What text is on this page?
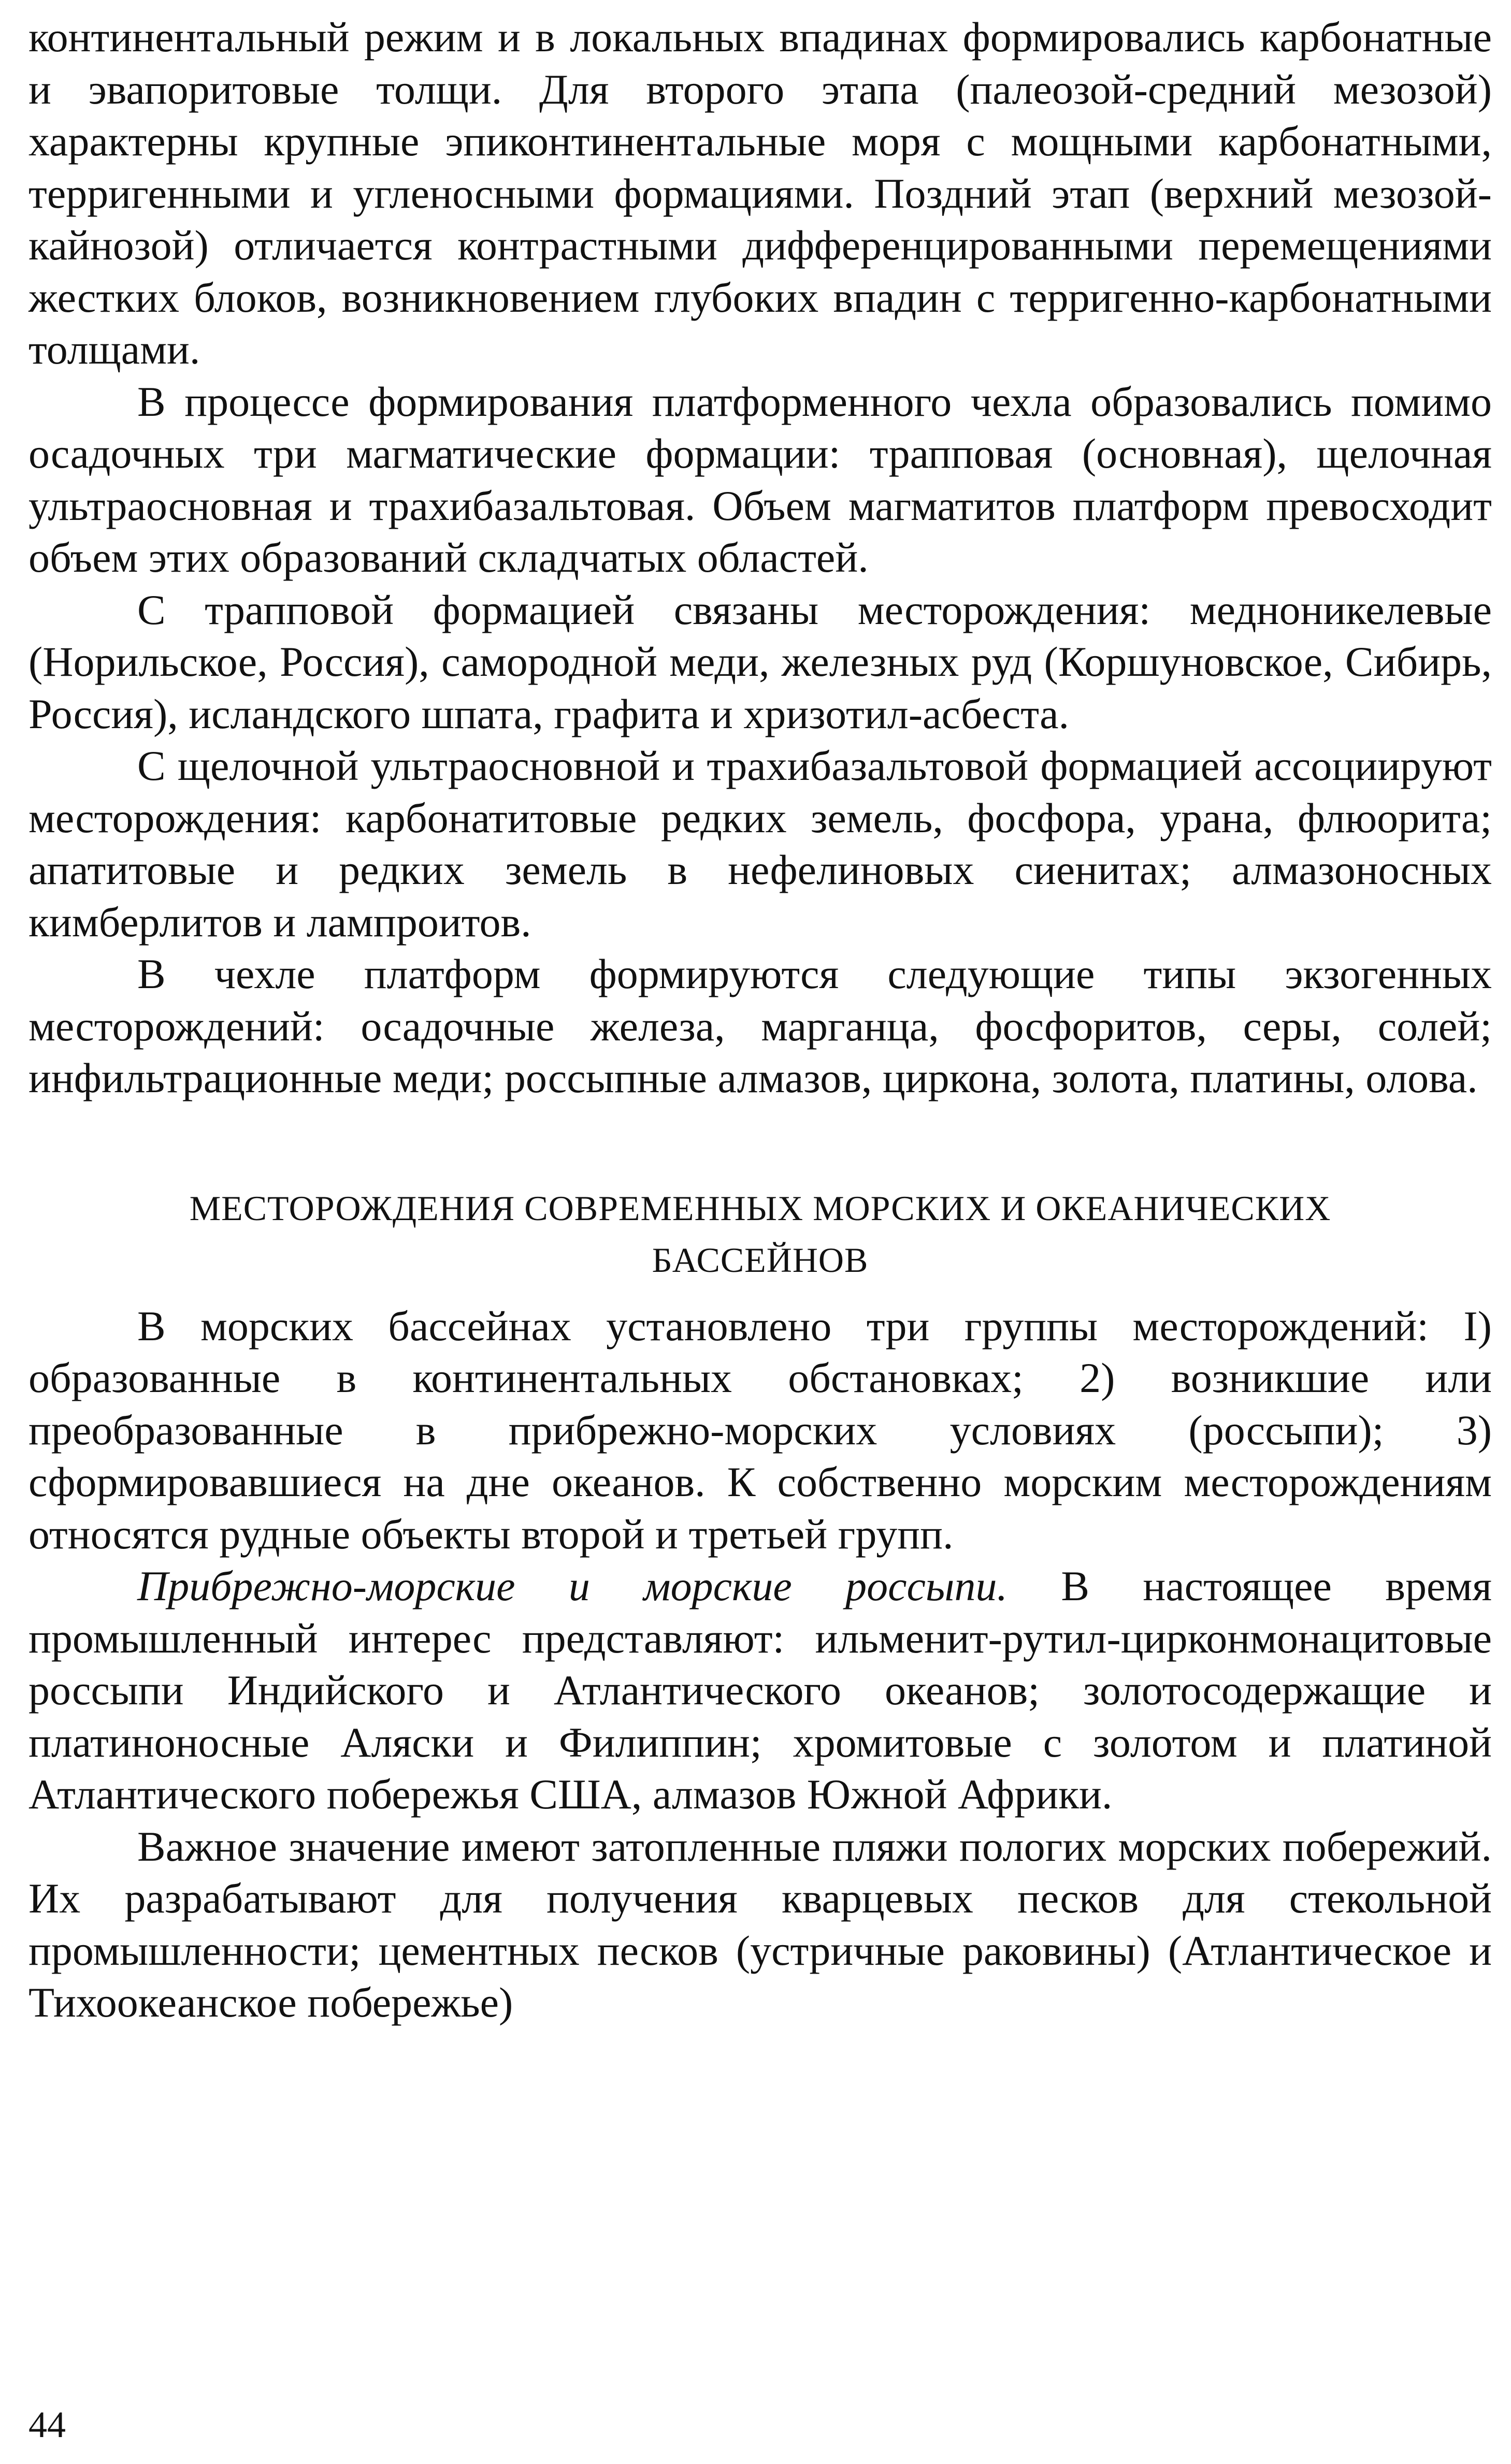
континентальный режим и в локальных впадинах формировались карбонатные и эвапоритовые толщи. Для второго этапа (палеозой-средний мезозой) характерны крупные эпиконтинентальные моря с мощными карбонатными, терригенными и угленосными формациями. Поздний этап (верхний мезозой-кайнозой) отличается контрастными дифференцированными перемещениями жестких блоков, возникновением глубоких впадин с терригенно-карбонатными толщами.

В процессе формирования платформенного чехла образовались помимо осадочных три магматические формации: трапповая (основная), щелочная ультраосновная и трахибазальтовая. Объем магматитов платформ превосходит объем этих образований складчатых областей.

С трапповой формацией связаны месторождения: медноникелевые (Норильское, Россия), самородной меди, железных руд (Коршуновское, Сибирь, Россия), исландского шпата, графита и хризотил-асбеста.

С щелочной ультраосновной и трахибазальтовой формацией ассоциируют месторождения: карбонатитовые редких земель, фосфора, урана, флюорита; апатитовые и редких земель в нефелиновых сиенитах; алмазоносных кимберлитов и лампроитов.

В чехле платформ формируются следующие типы экзогенных месторождений: осадочные железа, марганца, фосфоритов, серы, солей; инфильтрационные меди; россыпные алмазов, циркона, золота, платины, олова.

МЕСТОРОЖДЕНИЯ СОВРЕМЕННЫХ МОРСКИХ И ОКЕАНИЧЕСКИХ

БАССЕЙНОВ

В морских бассейнах установлено три группы месторождений: I) образованные в континентальных обстановках; 2) возникшие или преобразованные в прибрежно-морских условиях (россыпи); 3) сформировавшиеся на дне океанов. К собственно морским месторождениям относятся рудные объекты второй и третьей групп.

Прибрежно-морские и морские россыпи. В настоящее время промышленный интерес представляют: ильменит-рутил-цирконмонацитовые россыпи Индийского и Атлантического океанов; золотосодержащие и платиноносные Аляски и Филиппин; хромитовые с золотом и платиной Атлантического побережья США, алмазов Южной Африки.

Важное значение имеют затопленные пляжи пологих морских побережий. Их разрабатывают для получения кварцевых песков для стекольной промышленности; цементных песков (устричные раковины) (Атлантическое и Тихоокеанское побережье)

44
